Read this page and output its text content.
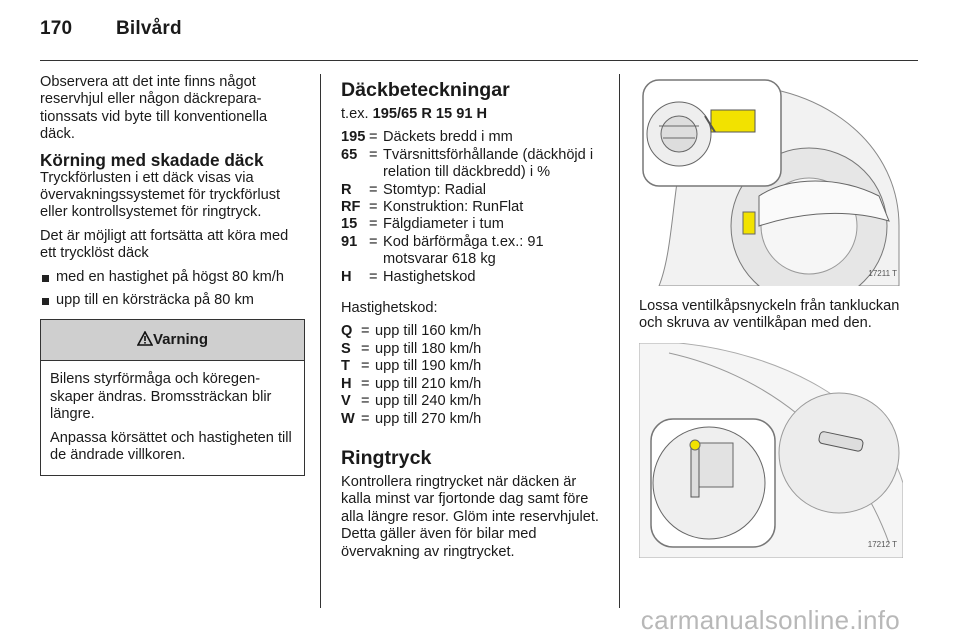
170 Bilvård

Observera att det inte finns något reservhjul eller någon däckreparationssats vid byte till konventionella däck.

Körning med skadade däck

Tryckförlusten i ett däck visas via övervakningssystemet för tryckförlust eller kontrollsystemet för ringtryck.

Det är möjligt att fortsätta att köra med ett trycklöst däck

med en hastighet på högst 80 km/h
upp till en körsträcka på 80 km
Varning

Bilens styrförmåga och köregenskaper ändras. Bromssträckan blir längre.

Anpassa körsättet och hastigheten till de ändrade villkoren.

Däckbeteckningar
t.ex. 195/65 R 15 91 H
195 = Däckets bredd i mm
65 = Tvärsnittsförhållande (däckhöjd i relation till däckbredd) i %
R	= Stomtyp: Radial
RF = Konstruktion: RunFlat
15 = Fälgdiameter i tum
91 = Kod bärförmåga t.ex.: 91 motsvarar 618 kg
H	= Hastighetskod

Hastighetskod:

Q = upp till 160 km/h
S = upp till 180 km/h
T = upp till 190 km/h
H = upp till 210 km/h
V = upp till 240 km/h
W = upp till 270 km/h
Ringtryck

Kontrollera ringtrycket när däcken är kalla minst var fjortonde dag samt före alla längre resor. Glöm inte reservhjulet. Detta gäller även för bilar med övervakning av ringtrycket.

17211 T

Lossa ventilkåpsnyckeln från tankluckan och skruva av ventilkåpan med den.

17212 T
carmanualsonline.info
